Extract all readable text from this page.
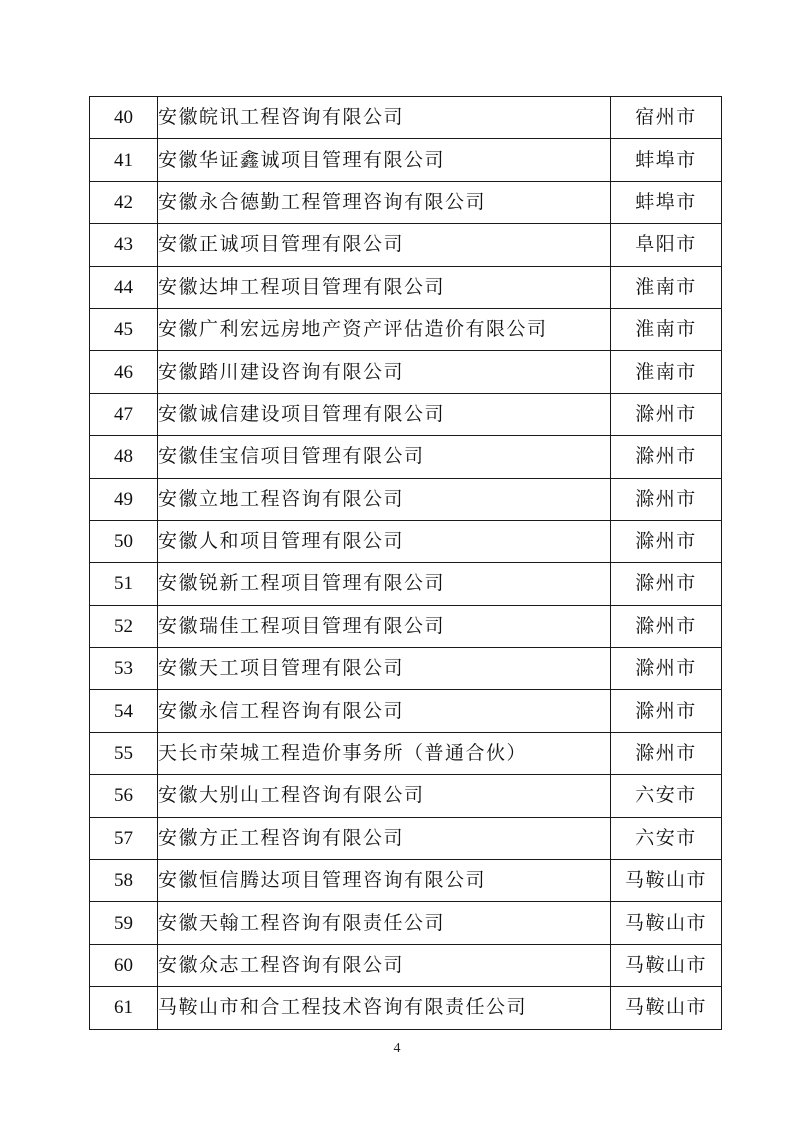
40	安徽皖讯工程咨询有限公司	宿州市
41	安徽华证鑫诚项目管理有限公司	蚌埠市
42	安徽永合德勤工程管理咨询有限公司	蚌埠市
43	安徽正诚项目管理有限公司	阜阳市
44	安徽达坤工程项目管理有限公司	淮南市
45	安徽广利宏远房地产资产评估造价有限公司	淮南市
46	安徽踏川建设咨询有限公司	淮南市
47	安徽诚信建设项目管理有限公司	滁州市
48	安徽佳宝信项目管理有限公司	滁州市
49	安徽立地工程咨询有限公司	滁州市
50	安徽人和项目管理有限公司	滁州市
51	安徽锐新工程项目管理有限公司	滁州市
52	安徽瑞佳工程项目管理有限公司	滁州市
53	安徽天工项目管理有限公司	滁州市
54	安徽永信工程咨询有限公司	滁州市
55	天长市荣城工程造价事务所（普通合伙）	滁州市
56	安徽大别山工程咨询有限公司	六安市
57	安徽方正工程咨询有限公司	六安市
58	安徽恒信腾达项目管理咨询有限公司	马鞍山市
59	安徽天翰工程咨询有限责任公司	马鞍山市
60	安徽众志工程咨询有限公司	马鞍山市
61	马鞍山市和合工程技术咨询有限责任公司	马鞍山市
4
